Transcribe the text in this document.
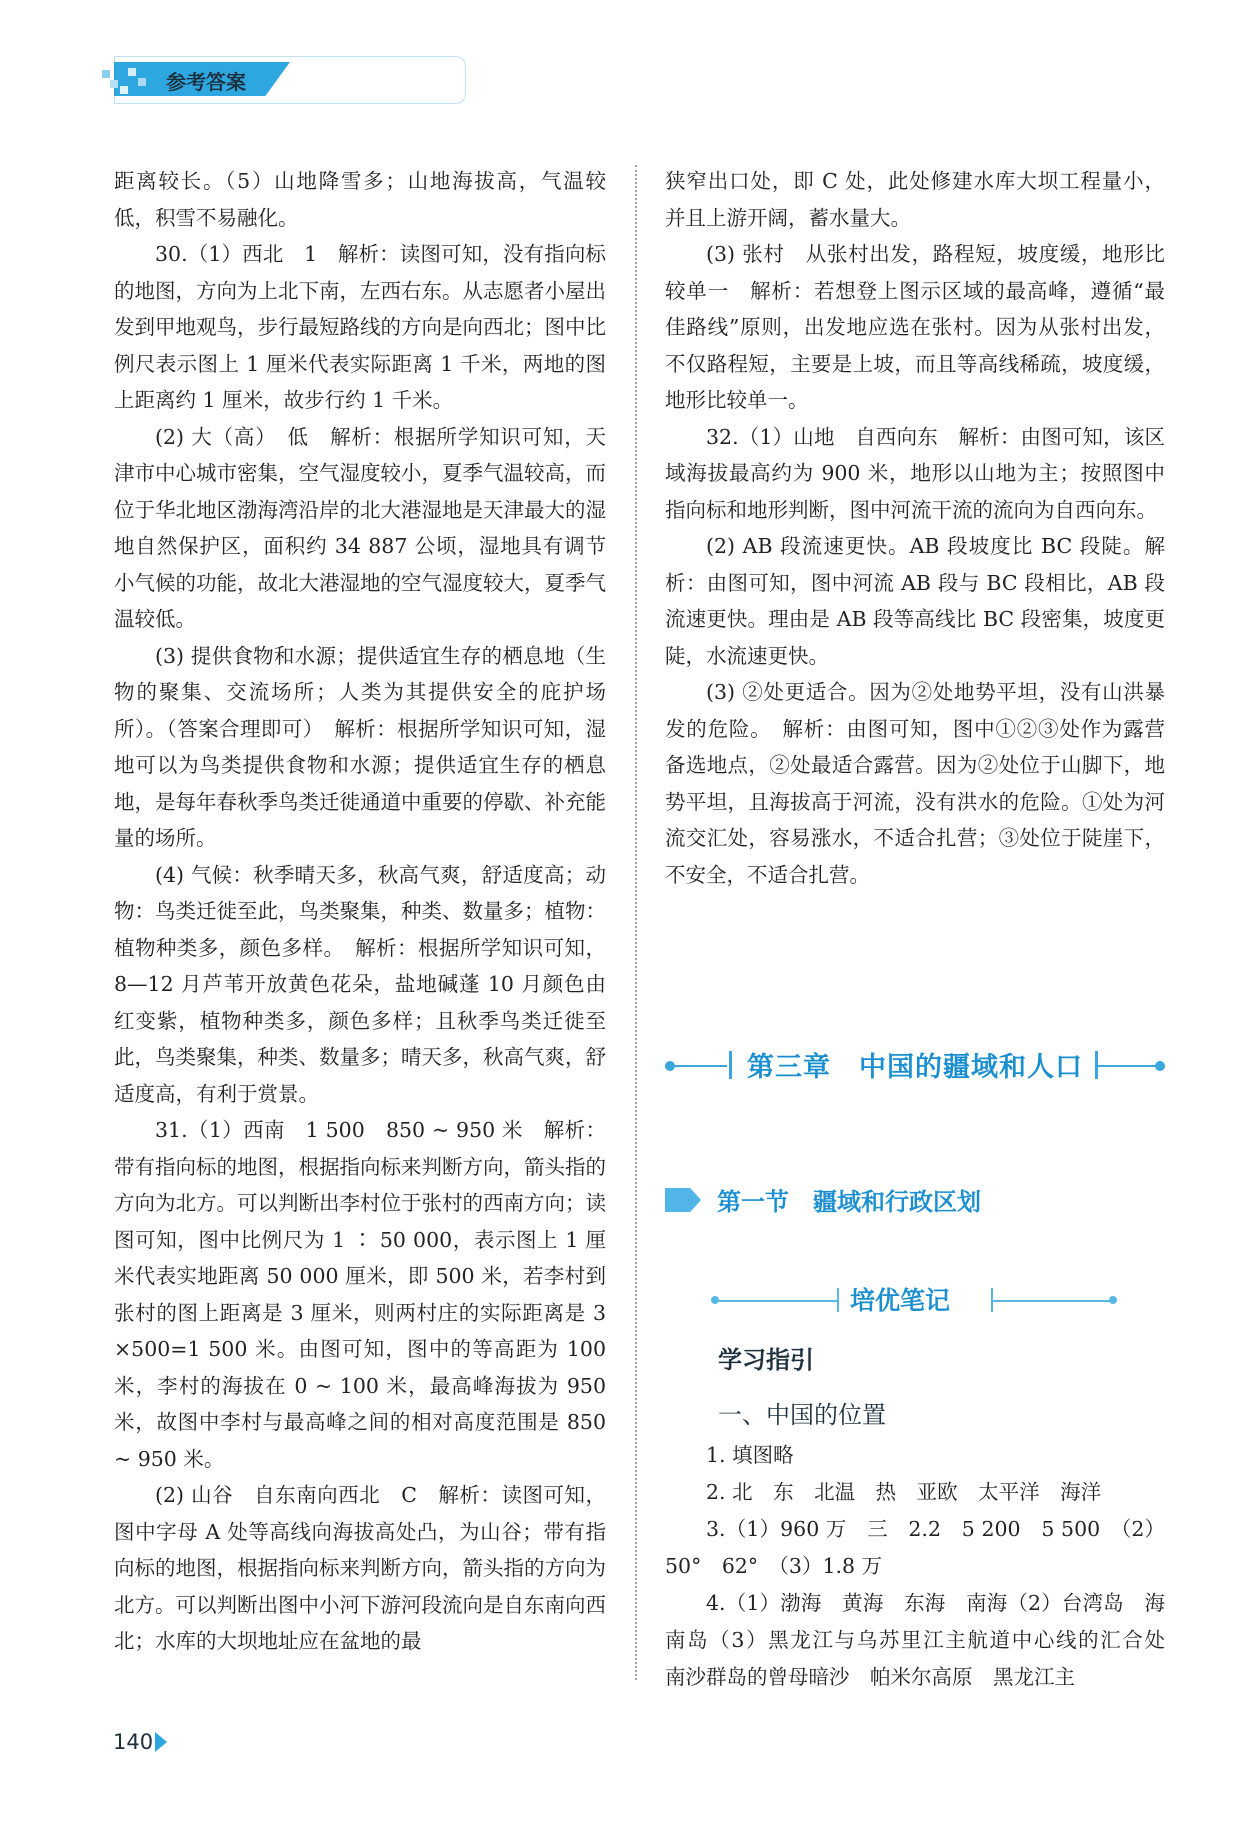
参考答案

距离较长。（5）山地降雪多；山地海拔高，气温较低，积雪不易融化。

30.（1）西北　1　解析：读图可知，没有指向标的地图，方向为上北下南，左西右东。从志愿者小屋出发到甲地观鸟，步行最短路线的方向是向西北；图中比例尺表示图上 1 厘米代表实际距离 1 千米，两地的图上距离约 1 厘米，故步行约 1 千米。

(2) 大（高）　低　解析：根据所学知识可知，天津市中心城市密集，空气湿度较小，夏季气温较高，而位于华北地区渤海湾沿岸的北大港湿地是天津最大的湿地自然保护区，面积约 34 887 公顷，湿地具有调节小气候的功能，故北大港湿地的空气湿度较大，夏季气温较低。

(3) 提供食物和水源；提供适宜生存的栖息地（生物的聚集、交流场所；人类为其提供安全的庇护场所）。（答案合理即可）　解析：根据所学知识可知，湿地可以为鸟类提供食物和水源；提供适宜生存的栖息地，是每年春秋季鸟类迁徙通道中重要的停歇、补充能量的场所。

(4) 气候：秋季晴天多，秋高气爽，舒适度高；动物：鸟类迁徙至此，鸟类聚集，种类、数量多；植物：植物种类多，颜色多样。　解析：根据所学知识可知，8—12 月芦苇开放黄色花朵，盐地碱蓬 10 月颜色由红变紫，植物种类多，颜色多样；且秋季鸟类迁徙至此，鸟类聚集，种类、数量多；晴天多，秋高气爽，舒适度高，有利于赏景。

31.（1）西南　1 500　850 ~ 950 米　解析：带有指向标的地图，根据指向标来判断方向，箭头指的方向为北方。可以判断出李村位于张村的西南方向；读图可知，图中比例尺为 1 ∶ 50 000，表示图上 1 厘米代表实地距离 50 000 厘米，即 500 米，若李村到张村的图上距离是 3 厘米，则两村庄的实际距离是 3×500=1 500 米。由图可知，图中的等高距为 100 米，李村的海拔在 0 ~ 100 米，最高峰海拔为 950 米，故图中李村与最高峰之间的相对高度范围是 850 ~ 950 米。

(2) 山谷　自东南向西北　C　解析：读图可知，图中字母 A 处等高线向海拔高处凸，为山谷；带有指向标的地图，根据指向标来判断方向，箭头指的方向为北方。可以判断出图中小河下游河段流向是自东南向西北；水库的大坝地址应在盆地的最

狭窄出口处，即 C 处，此处修建水库大坝工程量小，并且上游开阔，蓄水量大。

(3) 张村　从张村出发，路程短，坡度缓，地形比较单一　解析：若想登上图示区域的最高峰，遵循“最佳路线”原则，出发地应选在张村。因为从张村出发，不仅路程短，主要是上坡，而且等高线稀疏，坡度缓，地形比较单一。

32.（1）山地　自西向东　解析：由图可知，该区域海拔最高约为 900 米，地形以山地为主；按照图中指向标和地形判断，图中河流干流的流向为自西向东。

(2) AB 段流速更快。AB 段坡度比 BC 段陡。解析：由图可知，图中河流 AB 段与 BC 段相比，AB 段流速更快。理由是 AB 段等高线比 BC 段密集，坡度更陡，水流速更快。

(3) ②处更适合。因为②处地势平坦，没有山洪暴发的危险。　解析：由图可知，图中①②③处作为露营备选地点，②处最适合露营。因为②处位于山脚下，地势平坦，且海拔高于河流，没有洪水的危险。①处为河流交汇处，容易涨水，不适合扎营；③处位于陡崖下，不安全，不适合扎营。

第三章　中国的疆域和人口
第一节　疆域和行政区划
培优笔记
学习指引
一、中国的位置

1. 填图略

2. 北　东　北温　热　亚欧　太平洋　海洋

3.（1）960 万　三　2.2　5 200　5 500　（2）50°　62°　（3）1.8 万

4.（1）渤海　黄海　东海　南海（2）台湾岛　海南岛（3）黑龙江与乌苏里江主航道中心线的汇合处　南沙群岛的曾母暗沙　帕米尔高原　黑龙江主

140
